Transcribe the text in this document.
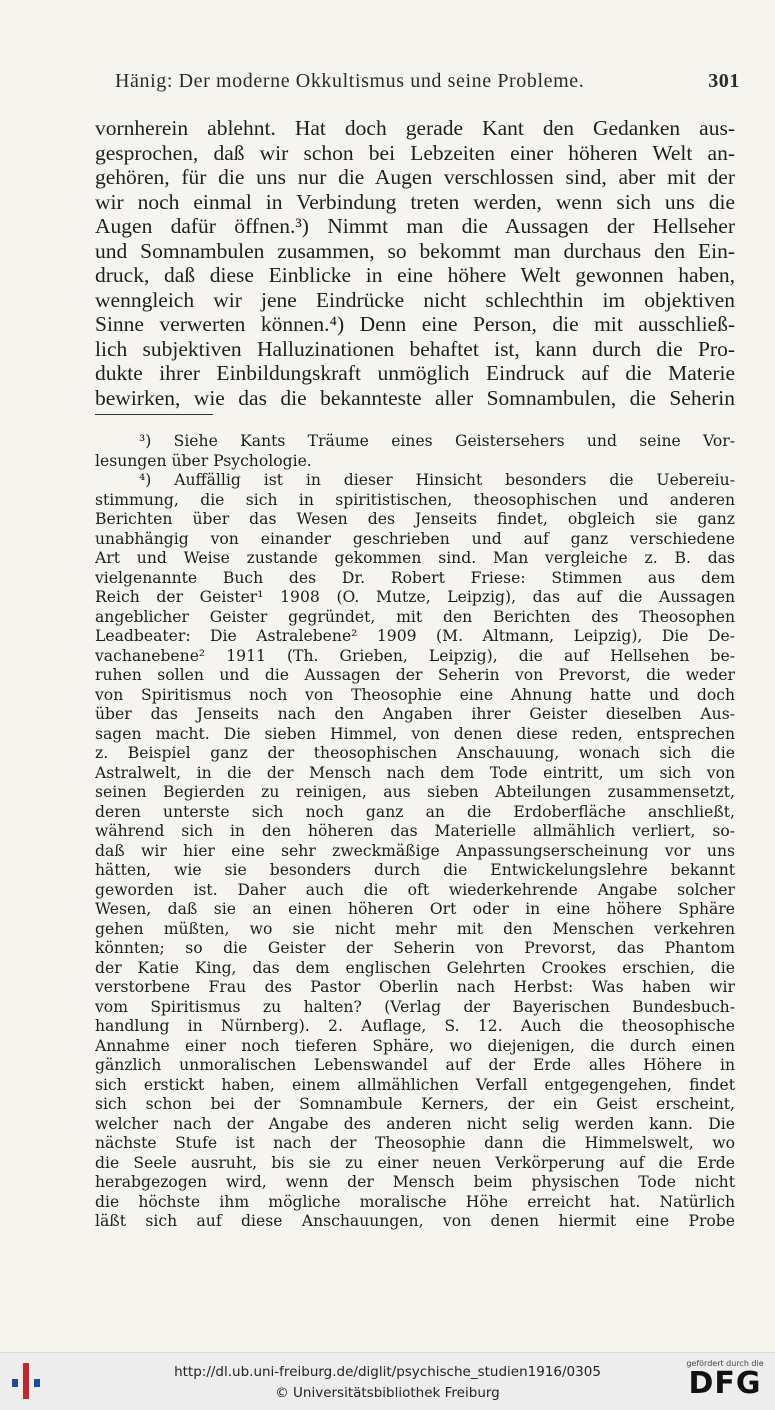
Hänig: Der moderne Okkultismus und seine Probleme.	301
vornherein ablehnt. Hat doch gerade Kant den Gedanken aus-
gesprochen, daß wir schon bei Lebzeiten einer höheren Welt an-
gehören, für die uns nur die Augen verschlossen sind, aber mit der
wir noch einmal in Verbindung treten werden, wenn sich uns die
Augen dafür öffnen.³) Nimmt man die Aussagen der Hellseher
und Somnambulen zusammen, so bekommt man durchaus den Ein-
druck, daß diese Einblicke in eine höhere Welt gewonnen haben,
wenngleich wir jene Eindrücke nicht schlechthin im objektiven
Sinne verwerten können.⁴) Denn eine Person, die mit ausschließ-
lich subjektiven Halluzinationen behaftet ist, kann durch die Pro-
dukte ihrer Einbildungskraft unmöglich Eindruck auf die Materie
bewirken, wie das die bekannteste aller Somnambulen, die Seherin
³) Siehe Kants Träume eines Geistersehers und seine Vor-
lesungen über Psychologie.
⁴) Auffällig ist in dieser Hinsicht besonders die Uebereiu-
stimmung, die sich in spiritistischen, theosophischen und anderen
Berichten über das Wesen des Jenseits findet, obgleich sie ganz
unabhängig von einander geschrieben und auf ganz verschiedene
Art und Weise zustande gekommen sind. Man vergleiche z. B. das
vielgenannte Buch des Dr. Robert Friese: Stimmen aus dem
Reich der Geister¹ 1908 (O. Mutze, Leipzig), das auf die Aussagen
angeblicher Geister gegründet, mit den Berichten des Theosophen
Leadbeater: Die Astralebene² 1909 (M. Altmann, Leipzig), Die De-
vachanebene² 1911 (Th. Grieben, Leipzig), die auf Hellsehen be-
ruhen sollen und die Aussagen der Seherin von Prevorst, die weder
von Spiritismus noch von Theosophie eine Ahnung hatte und doch
über das Jenseits nach den Angaben ihrer Geister dieselben Aus-
sagen macht. Die sieben Himmel, von denen diese reden, entsprechen
z. Beispiel ganz der theosophischen Anschauung, wonach sich die
Astralwelt, in die der Mensch nach dem Tode eintritt, um sich von
seinen Begierden zu reinigen, aus sieben Abteilungen zusammensetzt,
deren unterste sich noch ganz an die Erdoberfläche anschließt,
während sich in den höheren das Materielle allmählich verliert, so-
daß wir hier eine sehr zweckmäßige Anpassungserscheinung vor uns
hätten, wie sie besonders durch die Entwickelungslehre bekannt
geworden ist. Daher auch die oft wiederkehrende Angabe solcher
Wesen, daß sie an einen höheren Ort oder in eine höhere Sphäre
gehen müßten, wo sie nicht mehr mit den Menschen verkehren
könnten; so die Geister der Seherin von Prevorst, das Phantom
der Katie King, das dem englischen Gelehrten Crookes erschien, die
verstorbene Frau des Pastor Oberlin nach Herbst: Was haben wir
vom Spiritismus zu halten? (Verlag der Bayerischen Bundesbuch-
handlung in Nürnberg). 2. Auflage, S. 12. Auch die theosophische
Annahme einer noch tieferen Sphäre, wo diejenigen, die durch einen
gänzlich unmoralischen Lebenswandel auf der Erde alles Höhere in
sich erstickt haben, einem allmählichen Verfall entgegengehen, findet
sich schon bei der Somnambule Kerners, der ein Geist erscheint,
welcher nach der Angabe des anderen nicht selig werden kann. Die
nächste Stufe ist nach der Theosophie dann die Himmelswelt, wo
die Seele ausruht, bis sie zu einer neuen Verkörperung auf die Erde
herabgezogen wird, wenn der Mensch beim physischen Tode nicht
die höchste ihm mögliche moralische Höhe erreicht hat. Natürlich
läßt sich auf diese Anschauungen, von denen hiermit eine Probe
http://dl.ub.uni-freiburg.de/diglit/psychische_studien1916/0305
© Universitätsbibliothek Freiburg
gefördert durch die
DFG
